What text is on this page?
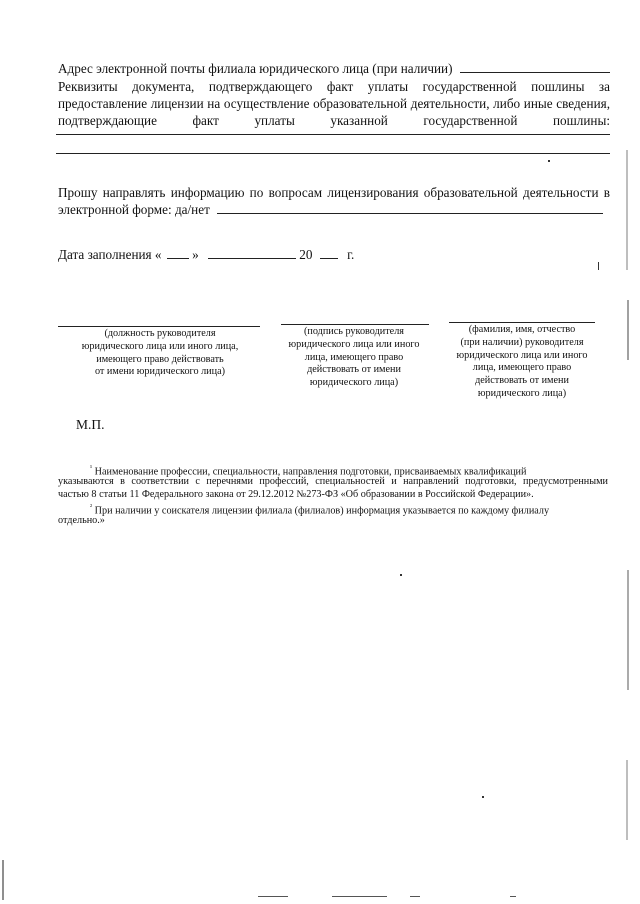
Адрес электронной почты филиала юридического лица (при наличии)
Реквизиты документа, подтверждающего факт уплаты государственной пошлины за
предоставление лицензии на осуществление образовательной деятельности, либо иные сведения,
подтверждающие факт уплаты указанной государственной пошлины:
Прошу направлять информацию по вопросам лицензирования образовательной деятельности в
электронной форме: да/нет
Дата заполнения « »	20	г.
(должность руководителя
юридического лица или иного лица,
имеющего право действовать
от имени юридического лица)
(подпись руководителя
юридического лица или иного
лица, имеющего право
действовать от имени
юридического лица)
(фамилия, имя, отчество
(при наличии) руководителя
юридического лица или иного
лица, имеющего право
действовать от имени
юридического лица)
М.П.
$^{^1}$ Наименование профессии, специальности, направления подготовки, присваиваемых квалификаций
указываются в соответствии с перечнями профессий, специальностей и направлений подготовки, предусмотренными
частью 8 статьи 11 Федерального закона от 29.12.2012 №273-ФЗ «Об образовании в Российской Федерации».
$^{^2}$ При наличии у соискателя лицензии филиала (филиалов) информация указывается по каждому филиалу
отдельно.»
